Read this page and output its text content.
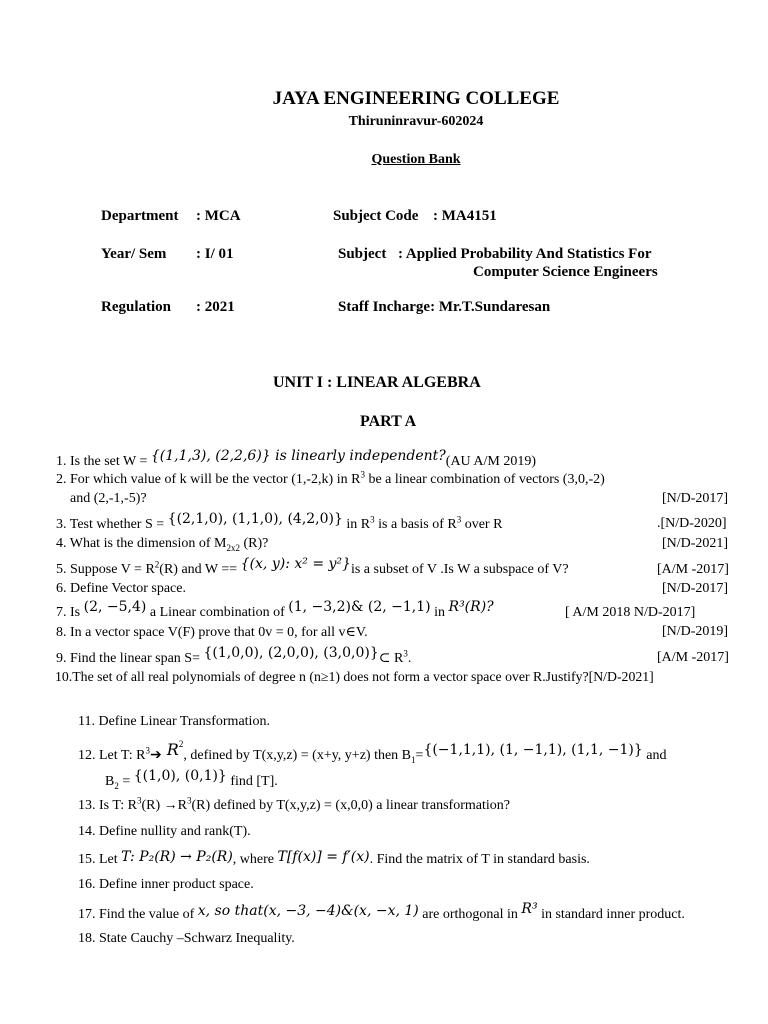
JAYA ENGINEERING COLLEGE
Thiruninravur-602024
Question Bank
Department : MCA	Subject Code : MA4151
Year/ Sem : I/ 01	Subject : Applied Probability And Statistics For
Computer Science Engineers
Regulation : 2021	Staff Incharge: Mr.T.Sundaresan
UNIT I : LINEAR ALGEBRA
PART A
1. Is the set W = {(1,1,3), (2,2,6)} is linearly independent?(AU A/M 2019)
2. For which value of k will be the vector (1,-2,k) in $R^3$ be a linear combination of vectors (3,0,-2)
and (2,-1,-5)?	[N/D-2017]
3. Test whether S = {(2,1,0), (1,1,0), (4,2,0)} in $R^3$ is a basis of $R^3$ over R	.[N/D-2020]
4. What is the dimension of $M_{2x2}$ (R)?	[N/D-2021]
5. Suppose $V = R^2(R)$ and W == {(x, y): x² = y²}is a subset of V .Is W a subspace of V?	[A/M -2017]
6. Define Vector space.	[N/D-2017]
7. Is (2, −5,4) a Linear combination of (1, −3,2)& (2, −1,1) in R³(R)?	[ A/M 2018 N/D-2017]
8. In a vector space V(F) prove that 0v = 0, for all v∈V.	[N/D-2019]
9. Find the linear span S= {(1,0,0), (2,0,0), (3,0,0)}⊂ $R^3$.	[A/M -2017]
10.The set of all real polynomials of degree n (n≥1) does not form a vector space over R.Justify?[N/D-2021]
11. Define Linear Transformation.
12. Let T: $R^3➔$ $R^2$, defined by T(x,y,z) = (x+y, y+z) then $B_1=\{(-1,1,1)$, (1, −1,1), (1,1, −1)} and
$B_2 = \{(1,0)$, (0,1)} find [T].
13. Is T: $R^3(R) \to R^3(R)$ defined by T(x,y,z) = (x,0,0) a linear transformation?
14. Define nullity and rank(T).
15. Let T: P₂(R) → P₂(R), where T[f(x)] = f′(x). Find the matrix of T in standard basis.
16. Define inner product space.
17. Find the value of x, so that(x, −3, −4)&(x, −x, 1) are orthogonal in R³ in standard inner product.
18. State Cauchy –Schwarz Inequality.
